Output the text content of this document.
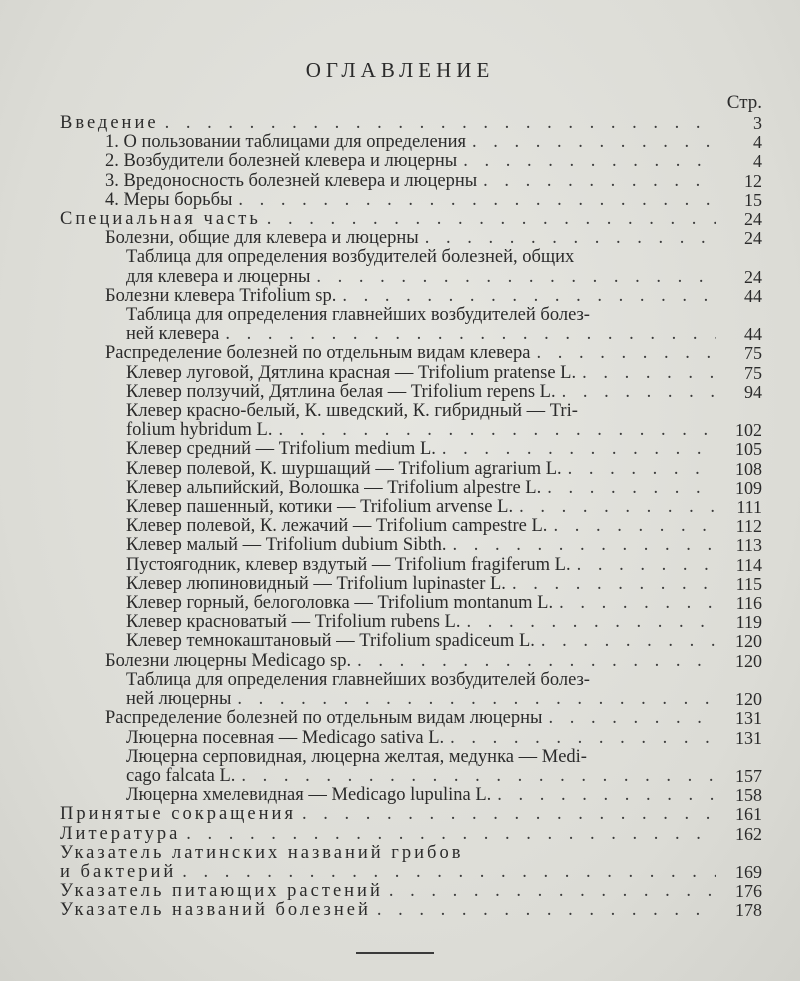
ОГЛАВЛЕНИЕ
Стр.
Введение . . .	3
1. О пользовании таблицами для определения . . .	4
2. Возбудители болезней клевера и люцерны . . .	4
3. Вредоносность болезней клевера и люцерны . . .	12
4. Меры борьбы . . .	15
Специальная часть . . .	24
Болезни, общие для клевера и люцерны . . .	24
Таблица для определения возбудителей болезней, общих
для клевера и люцерны . . .	24
Болезни клевера Trifolium sp. . . .	44
Таблица для определения главнейших возбудителей болез-
ней клевера . . .	44
Распределение болезней по отдельным видам клевера . . .	75
Клевер луговой, Дятлина красная — Trifolium pratense L. . . .	75
Клевер ползучий, Дятлина белая — Trifolium repens L. . . .	94
Клевер красно-белый, К. шведский, К. гибридный — Tri-
folium hybridum L. . . .	102
Клевер средний — Trifolium medium L. . . .	105
Клевер полевой, К. шуршащий — Trifolium agrarium L. . . .	108
Клевер альпийский, Волошка — Trifolium alpestre L. . . .	109
Клевер пашенный, котики — Trifolium arvense L. . . .	111
Клевер полевой, К. лежачий — Trifolium campestre L. . . .	112
Клевер малый — Trifolium dubium Sibth. . . .	113
Пустоягодник, клевер вздутый — Trifolium fragiferum L. . . .	114
Клевер люпиновидный — Trifolium lupinaster L. . . .	115
Клевер горный, белоголовка — Trifolium montanum L. . . .	116
Клевер красноватый — Trifolium rubens L. . . .	119
Клевер темнокаштановый — Trifolium spadiceum L. . . .	120
Болезни люцерны Medicago sp. . . .	120
Таблица для определения главнейших возбудителей болез-
ней люцерны . . .	120
Распределение болезней по отдельным видам люцерны . . .	131
Люцерна посевная — Medicago sativa L. . . .	131
Люцерна серповидная, люцерна желтая, медунка — Medi-
cago falcata L. . . .	157
Люцерна хмелевидная — Medicago lupulina L. . . .	158
Принятые сокращения . . .	161
Литература . . .	162
Указатель латинских названий грибов
и бактерий . . .	169
Указатель питающих растений . . .	176
Указатель названий болезней . . .	178
